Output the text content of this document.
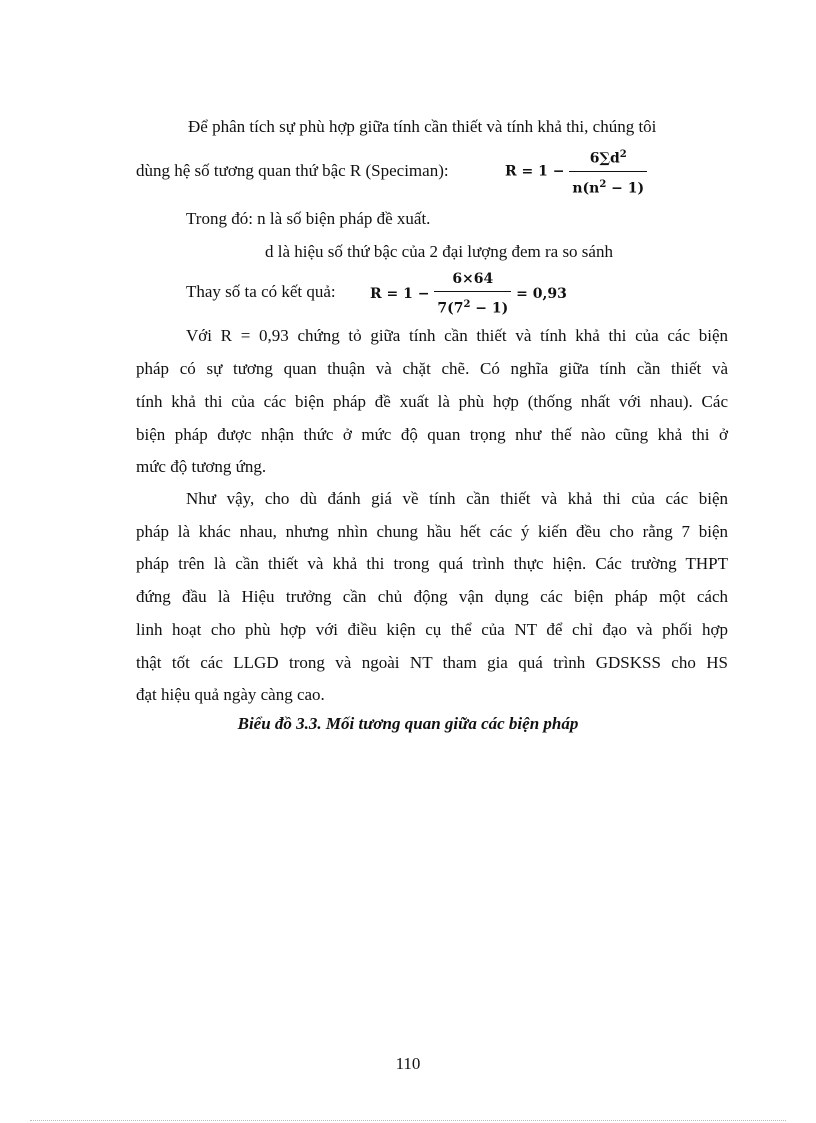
Để phân tích sự phù hợp giữa tính cần thiết và tính khả thi, chúng tôi
dùng hệ số tương quan thứ bậc R (Speciman):	$R = 1 - \frac{6\sum d^2}{n(n^2 - 1)}$
Trong đó: n là số biện pháp đề xuất.
d là hiệu số thứ bậc của 2 đại lượng đem ra so sánh
Thay số ta có kết quả: $R = 1 - \frac{6\times 64}{7(7^2 - 1)} = 0,93$
Với R = 0,93 chứng tỏ giữa tính cần thiết và tính khả thi của các biện
pháp có sự tương quan thuận và chặt chẽ. Có nghĩa giữa tính cần thiết và
tính khả thi của các biện pháp đề xuất là phù hợp (thống nhất với nhau). Các
biện pháp được nhận thức ở mức độ quan trọng như thế nào cũng khả thi ở
mức độ tương ứng.
Như vậy, cho dù đánh giá về tính cần thiết và khả thi của các biện
pháp là khác nhau, nhưng nhìn chung hầu hết các ý kiến đều cho rằng 7 biện
pháp trên là cần thiết và khả thi trong quá trình thực hiện. Các trường THPT
đứng đầu là Hiệu trưởng cần chủ động vận dụng các biện pháp một cách
linh hoạt cho phù hợp với điều kiện cụ thể của NT để chỉ đạo và phối hợp
thật tốt các LLGD trong và ngoài NT tham gia quá trình GDSKSS cho HS
đạt hiệu quả ngày càng cao.
Biểu đồ 3.3. Mối tương quan giữa các biện pháp
110
